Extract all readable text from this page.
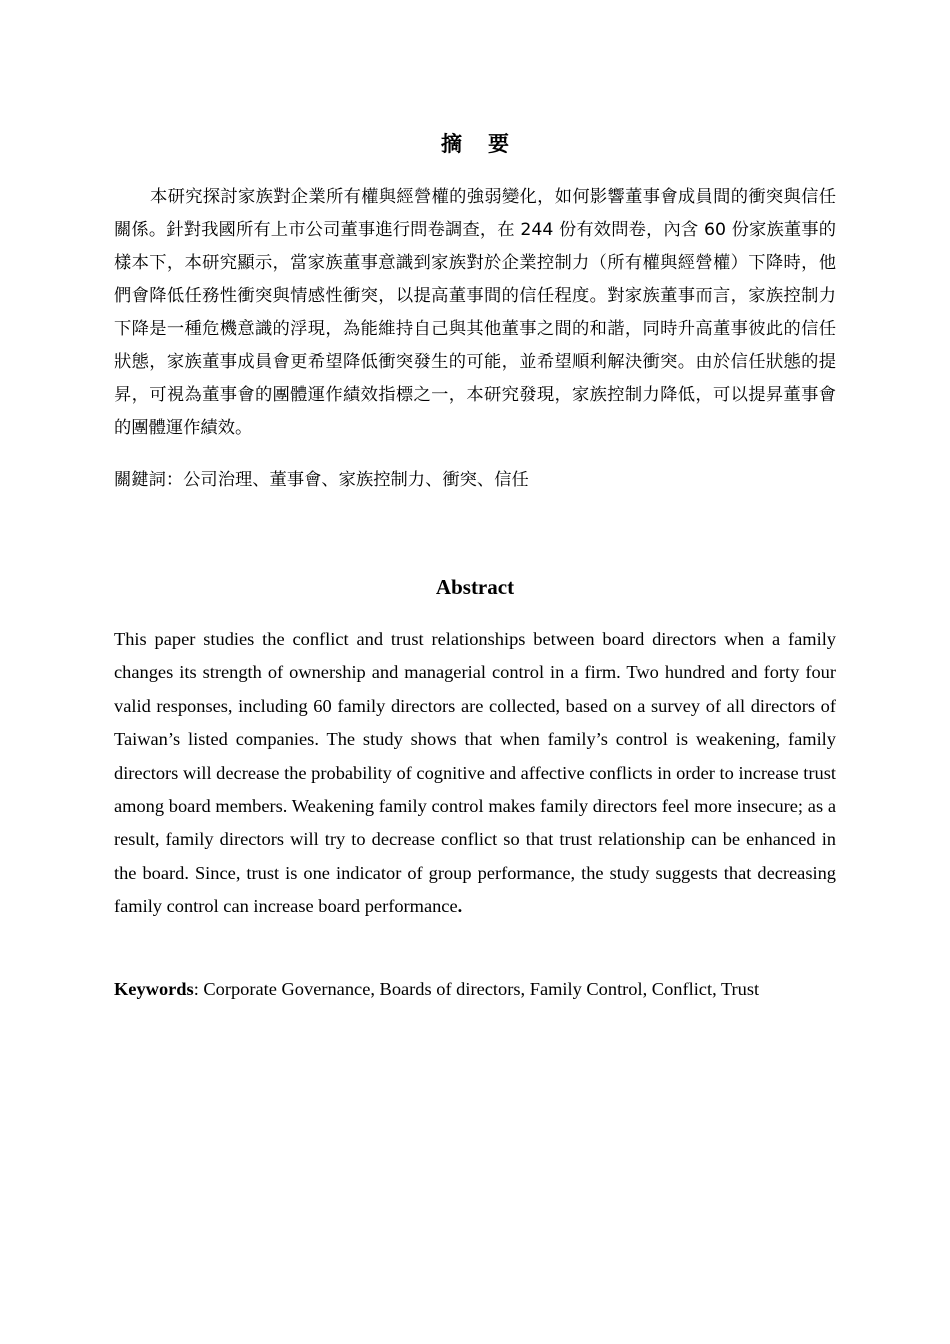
摘要

本研究探討家族對企業所有權與經營權的強弱變化，如何影響董事會成員間的衝突與信任關係。針對我國所有上市公司董事進行問卷調查，在 244 份有效問卷，內含 60 份家族董事的樣本下，本研究顯示，當家族董事意識到家族對於企業控制力（所有權與經營權）下降時，他們會降低任務性衝突與情感性衝突，以提高董事間的信任程度。對家族董事而言，家族控制力下降是一種危機意識的浮現，為能維持自己與其他董事之間的和諧，同時升高董事彼此的信任狀態，家族董事成員會更希望降低衝突發生的可能，並希望順利解決衝突。由於信任狀態的提昇，可視為董事會的團體運作績效指標之一，本研究發現，家族控制力降低，可以提昇董事會的團體運作績效。

關鍵詞：公司治理、董事會、家族控制力、衝突、信任
Abstract

This paper studies the conflict and trust relationships between board directors when a family changes its strength of ownership and managerial control in a firm. Two hundred and forty four valid responses, including 60 family directors are collected, based on a survey of all directors of Taiwan’s listed companies. The study shows that when family’s control is weakening, family directors will decrease the probability of cognitive and affective conflicts in order to increase trust among board members. Weakening family control makes family directors feel more insecure; as a result, family directors will try to decrease conflict so that trust relationship can be enhanced in the board. Since, trust is one indicator of group performance, the study suggests that decreasing family control can increase board performance.

Keywords: Corporate Governance, Boards of directors, Family Control, Conflict, Trust
